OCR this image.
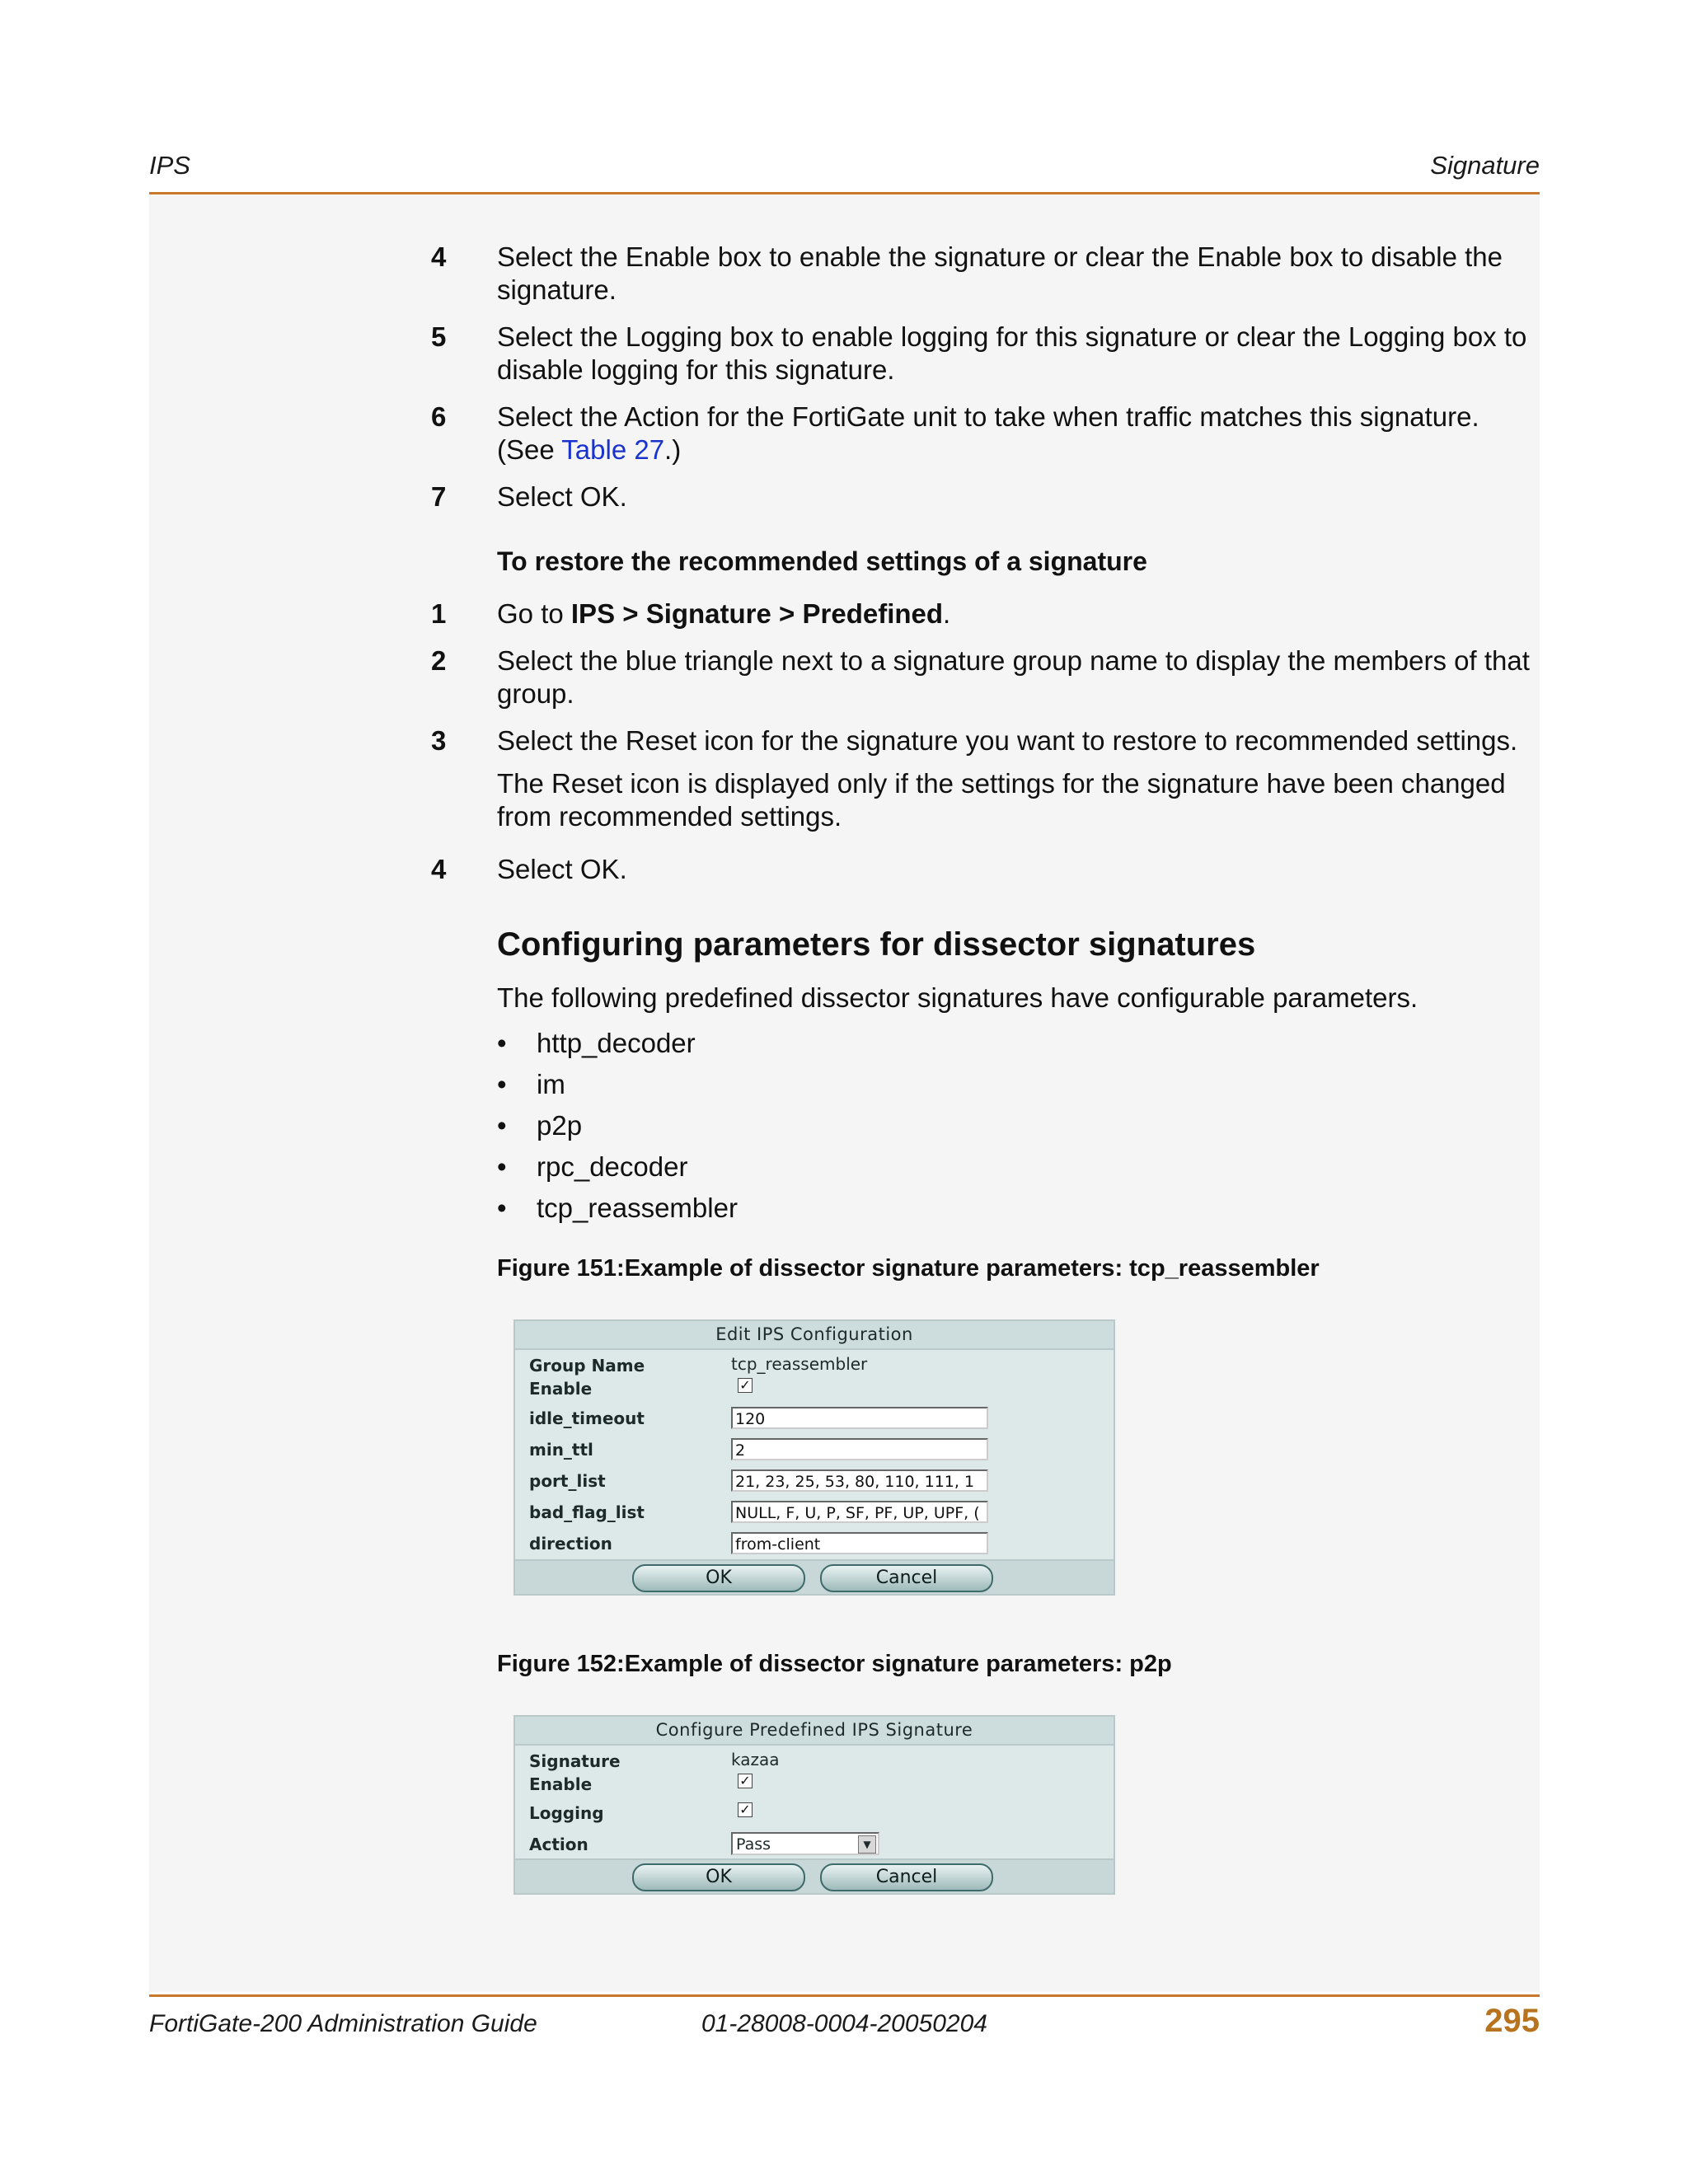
IPS	Signature
4 Select the Enable box to enable the signature or clear the Enable box to disable the signature.
5 Select the Logging box to enable logging for this signature or clear the Logging box to disable logging for this signature.
6 Select the Action for the FortiGate unit to take when traffic matches this signature. (See Table 27.)
7 Select OK.
To restore the recommended settings of a signature
1 Go to IPS > Signature > Predefined.
2 Select the blue triangle next to a signature group name to display the members of that group.
3 Select the Reset icon for the signature you want to restore to recommended settings.
The Reset icon is displayed only if the settings for the signature have been changed from recommended settings.
4 Select OK.
Configuring parameters for dissector signatures
The following predefined dissector signatures have configurable parameters.
• http_decoder
• im
• p2p
• rpc_decoder
• tcp_reassembler
Figure 151:Example of dissector signature parameters: tcp_reassembler
Edit IPS Configuration
Group Name	tcp_reassembler
Enable	✓
idle_timeout	120
min_ttl	2
port_list	21, 23, 25, 53, 80, 110, 111, 1
bad_flag_list	NULL, F, U, P, SF, PF, UP, UPF, (
direction	from-client
OK	Cancel
Figure 152:Example of dissector signature parameters: p2p
Configure Predefined IPS Signature
Signature	kazaa
Enable	✓
Logging	✓
Action	Pass	▼
OK	Cancel
FortiGate-200 Administration Guide	01-28008-0004-20050204	295
